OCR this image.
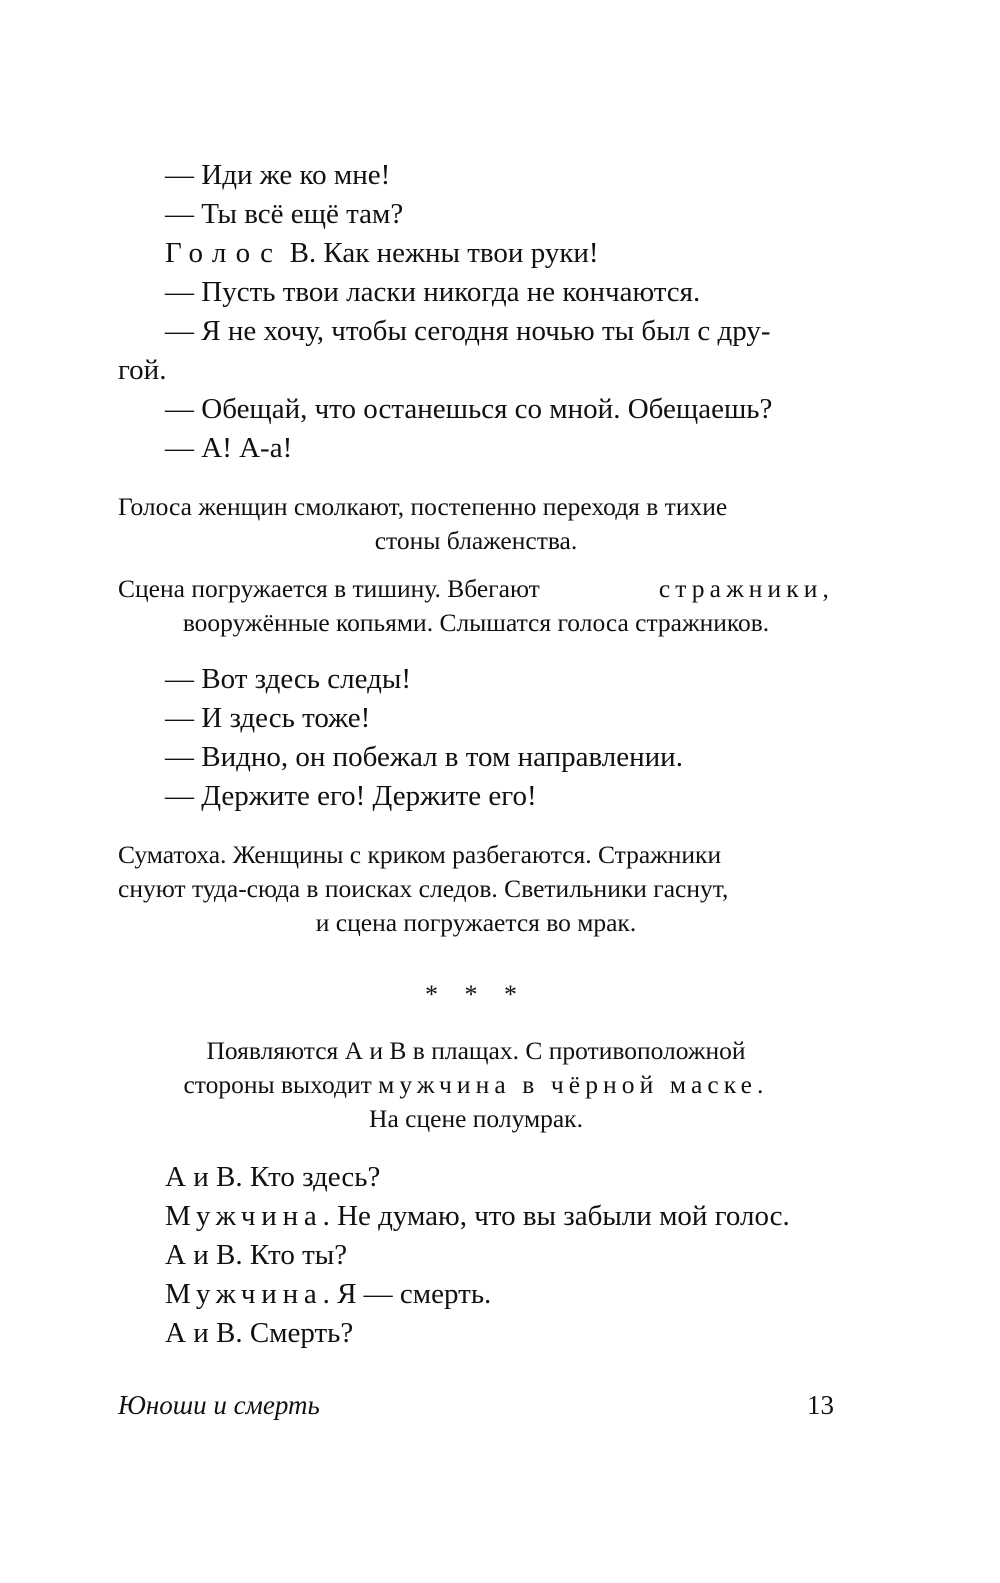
— Иди же ко мне!

— Ты всё ещё там?

Голос В. Как нежны твои руки!

— Пусть твои ласки никогда не кончаются.

— Я не хочу, чтобы сегодня ночью ты был с дру-

гой.

— Обещай, что останешься со мной. Обещаешь?

— А! А-а!

Голоса женщин смолкают, постепенно переходя в тихие

стоны блаженства.

Сцена погружается в тишину. Вбегают	стражники,

вооружённые копьями. Слышатся голоса стражников.

— Вот здесь следы!

— И здесь тоже!

— Видно, он побежал в том направлении.

— Держите его! Держите его!

Суматоха. Женщины с криком разбегаются. Стражники

снуют туда-сюда в поисках следов. Светильники гаснут,

и сцена погружается во мрак.

* * *

Появляются А и В в плащах. С противоположной

стороны выходит мужчина в чёрной маске.

На сцене полумрак.

А и В. Кто здесь?

Мужчина. Не думаю, что вы забыли мой голос.

А и В. Кто ты?

Мужчина. Я — смерть.

А и В. Смерть?

Юноши и смерть	13
